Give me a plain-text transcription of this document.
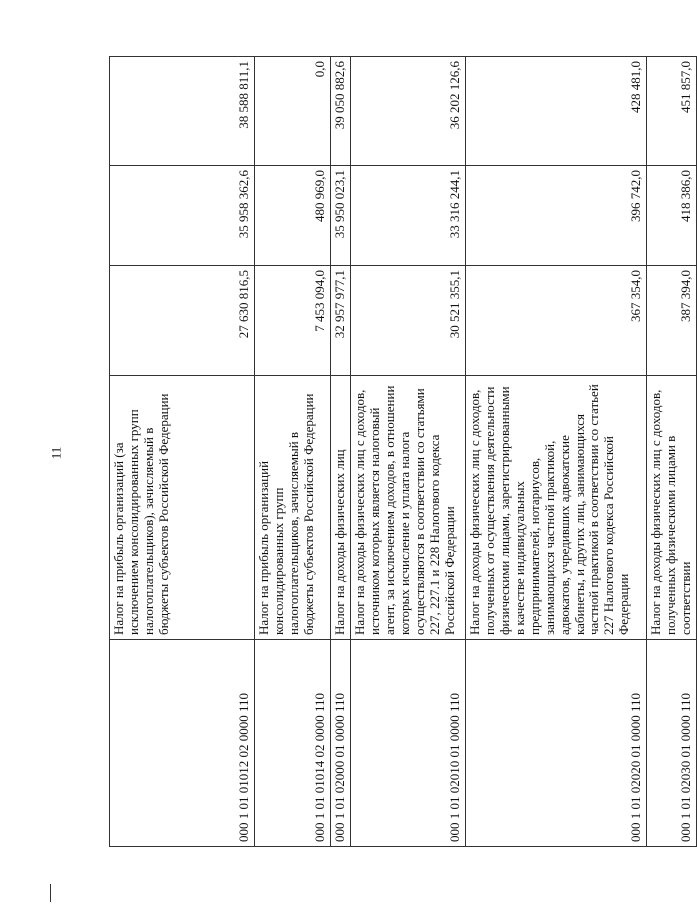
11
000 1 01 01012 02 0000 110	Налог на прибыль организаций (за исключением консолидированных групп налогоплательщиков), зачисляемый в бюджеты субъектов Российской Федерации	27 630 816,5	35 958 362,6	38 588 811,1
000 1 01 01014 02 0000 110	Налог на прибыль организаций консолидированных групп налогоплательщиков, зачисляемый в бюджеты субъектов Российской Федерации	7 453 094,0	480 969,0	0,0
000 1 01 02000 01 0000 110	Налог на доходы физических лиц	32 957 977,1	35 950 023,1	39 050 882,6
000 1 01 02010 01 0000 110	Налог на доходы физических лиц с доходов, источником которых является налоговый агент, за исключением доходов, в отношении которых исчисление и уплата налога осуществляются в соответствии со статьями 227, 227.1 и 228 Налогового кодекса Российской Федерации	30 521 355,1	33 316 244,1	36 202 126,6
000 1 01 02020 01 0000 110	Налог на доходы физических лиц с доходов, полученных от осуществления деятельности физическими лицами, зарегистрированными в качестве индивидуальных предпринимателей, нотариусов, занимающихся частной практикой, адвокатов, учредивших адвокатские кабинеты, и других лиц, занимающихся частной практикой в соответствии со статьей 227 Налогового кодекса Российской Федерации	367 354,0	396 742,0	428 481,0
000 1 01 02030 01 0000 110	Налог на доходы физических лиц с доходов, полученных физическими лицами в соответствии	387 394,0	418 386,0	451 857,0
